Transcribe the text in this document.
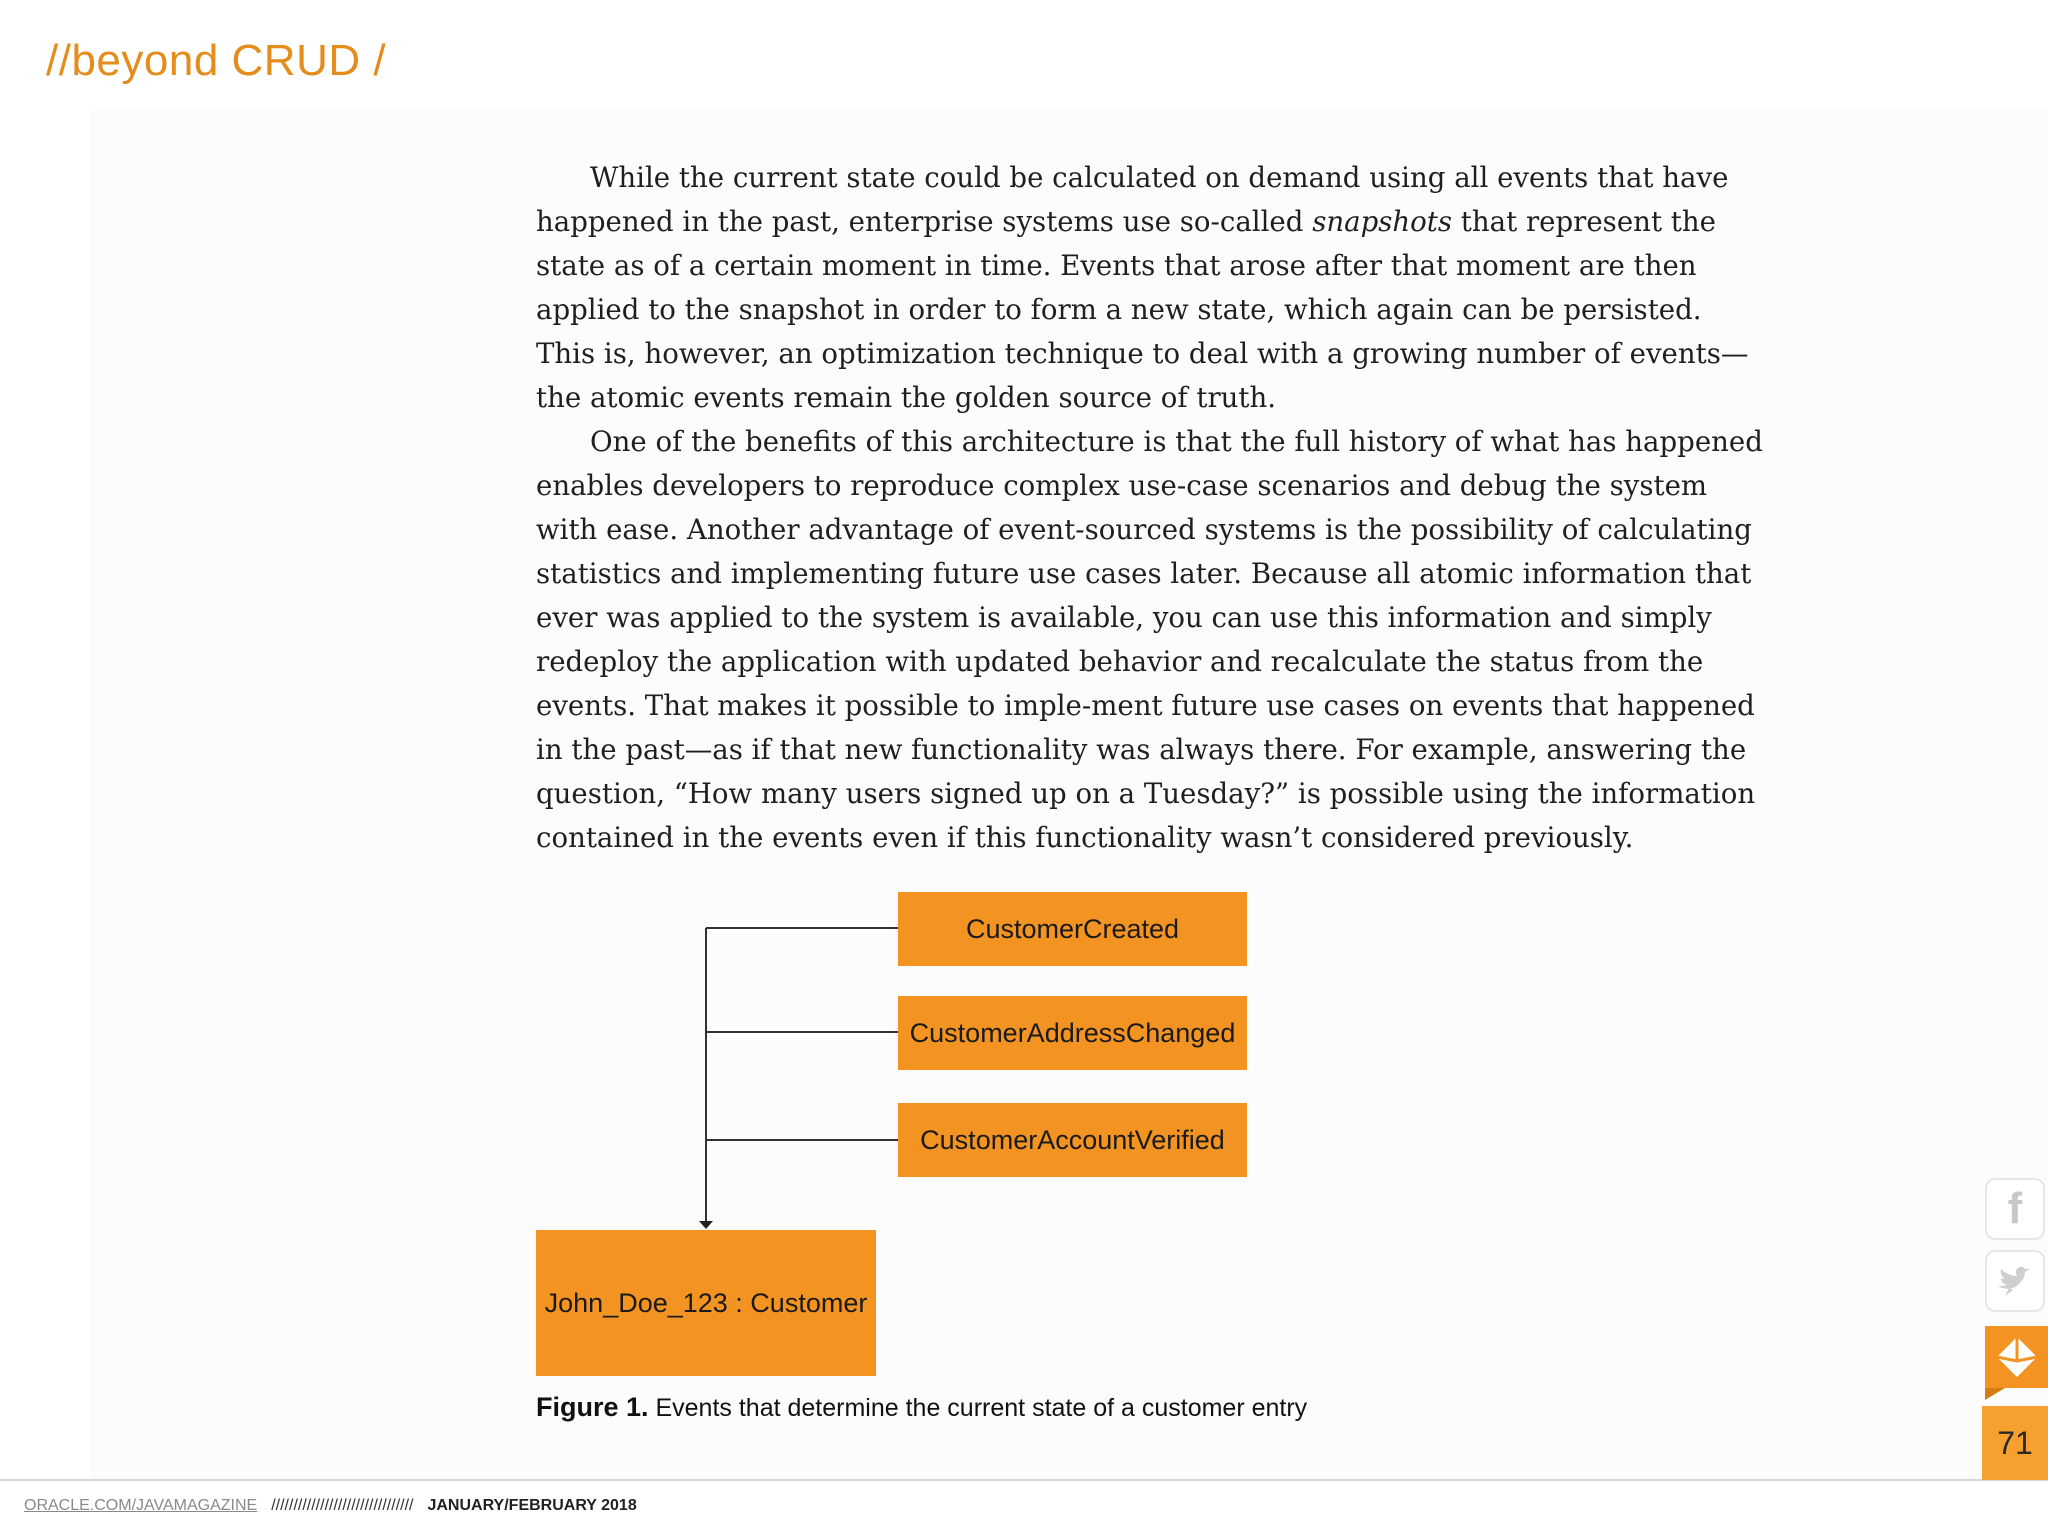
//beyond CRUD /

While the current state could be calculated on demand using all events that have happened in the past, enterprise systems use so-called snapshots that represent the state as of a certain moment in time. Events that arose after that moment are then applied to the snapshot in order to form a new state, which again can be persisted. This is, however, an optimization technique to deal with a growing number of events—the atomic events remain the golden source of truth.

One of the benefits of this architecture is that the full history of what has happened enables developers to reproduce complex use-case scenarios and debug the system with ease. Another advantage of event-sourced systems is the possibility of calculating statistics and implementing future use cases later. Because all atomic information that ever was applied to the system is available, you can use this information and simply redeploy the application with updated behavior and recalculate the status from the events. That makes it possible to imple-ment future use cases on events that happened in the past—as if that new functionality was always there. For example, answering the question, “How many users signed up on a Tuesday?” is possible using the information contained in the events even if this functionality wasn’t considered previously.

CustomerCreated
CustomerAddressChanged
CustomerAccountVerified
John_Doe_123 : Customer
Figure 1. Events that determine the current state of a customer entry
ORACLE.COM/JAVAMAGAZINE //////////////////////////////// JANUARY/FEBRUARY 2018
f
71
